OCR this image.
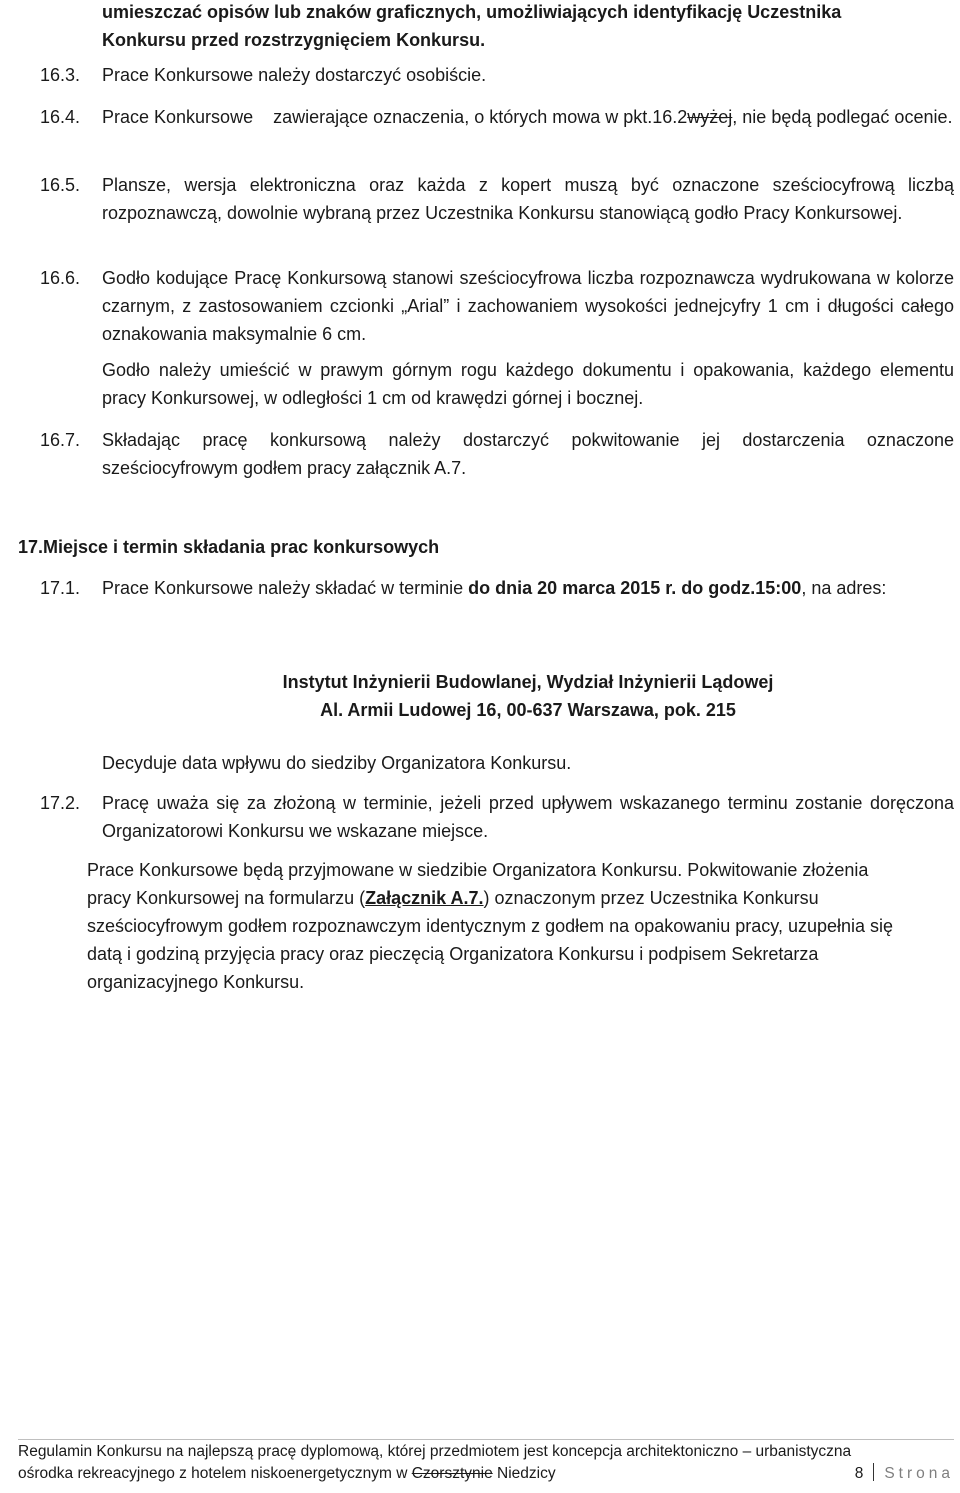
umieszczać opisów lub znaków graficznych, umożliwiających identyfikację Uczestnika
Konkursu przed rozstrzygnięciem Konkursu.
16.3. Prace Konkursowe należy dostarczyć osobiście.
16.4. Prace Konkursowe    zawierające oznaczenia, o których mowa w pkt.16.2wyżej, nie będą podlegać ocenie.
16.5. Plansze, wersja elektroniczna oraz każda z kopert muszą być oznaczone sześciocyfrową liczbą rozpoznawczą, dowolnie wybraną przez Uczestnika Konkursu stanowiącą godło Pracy Konkursowej.
16.6. Godło kodujące Pracę Konkursową stanowi sześciocyfrowa liczba rozpoznawcza wydrukowana w kolorze czarnym, z zastosowaniem czcionki „Arial” i zachowaniem wysokości jednejcyfry 1 cm i długości całego oznakowania maksymalnie 6 cm.
Godło należy umieścić w prawym górnym rogu każdego dokumentu i opakowania, każdego elementu pracy Konkursowej, w odległości 1 cm od krawędzi górnej i bocznej.
16.7. Składając pracę konkursową należy dostarczyć pokwitowanie jej dostarczenia oznaczone sześciocyfrowym godłem pracy załącznik A.7.
17. Miejsce i termin składania prac konkursowych
17.1. Prace Konkursowe należy składać w terminie do dnia 20 marca 2015 r. do godz.15:00, na adres:
Instytut Inżynierii Budowlanej, Wydział Inżynierii Lądowej
Al. Armii Ludowej 16, 00-637 Warszawa, pok. 215
Decyduje data wpływu do siedziby Organizatora Konkursu.
17.2. Pracę uważa się za złożoną w terminie, jeżeli przed upływem wskazanego terminu zostanie doręczona Organizatorowi Konkursu we wskazane miejsce.
Prace Konkursowe będą przyjmowane w siedzibie Organizatora Konkursu. Pokwitowanie złożenia pracy Konkursowej na formularzu (Załącznik A.7.) oznaczonym przez Uczestnika Konkursu sześciocyfrowym godłem rozpoznawczym identycznym z godłem na opakowaniu pracy, uzupełnia się datą i godziną przyjęcia pracy oraz pieczęcią Organizatora Konkursu i podpisem Sekretarza organizacyjnego Konkursu.
Regulamin Konkursu na najlepszą pracę dyplomową, której przedmiotem jest koncepcja architektoniczno – urbanistyczna
ośrodka rekreacyjnego z hotelem niskoenergetycznym w Czorsztynie Niedzicy	8 Strona
